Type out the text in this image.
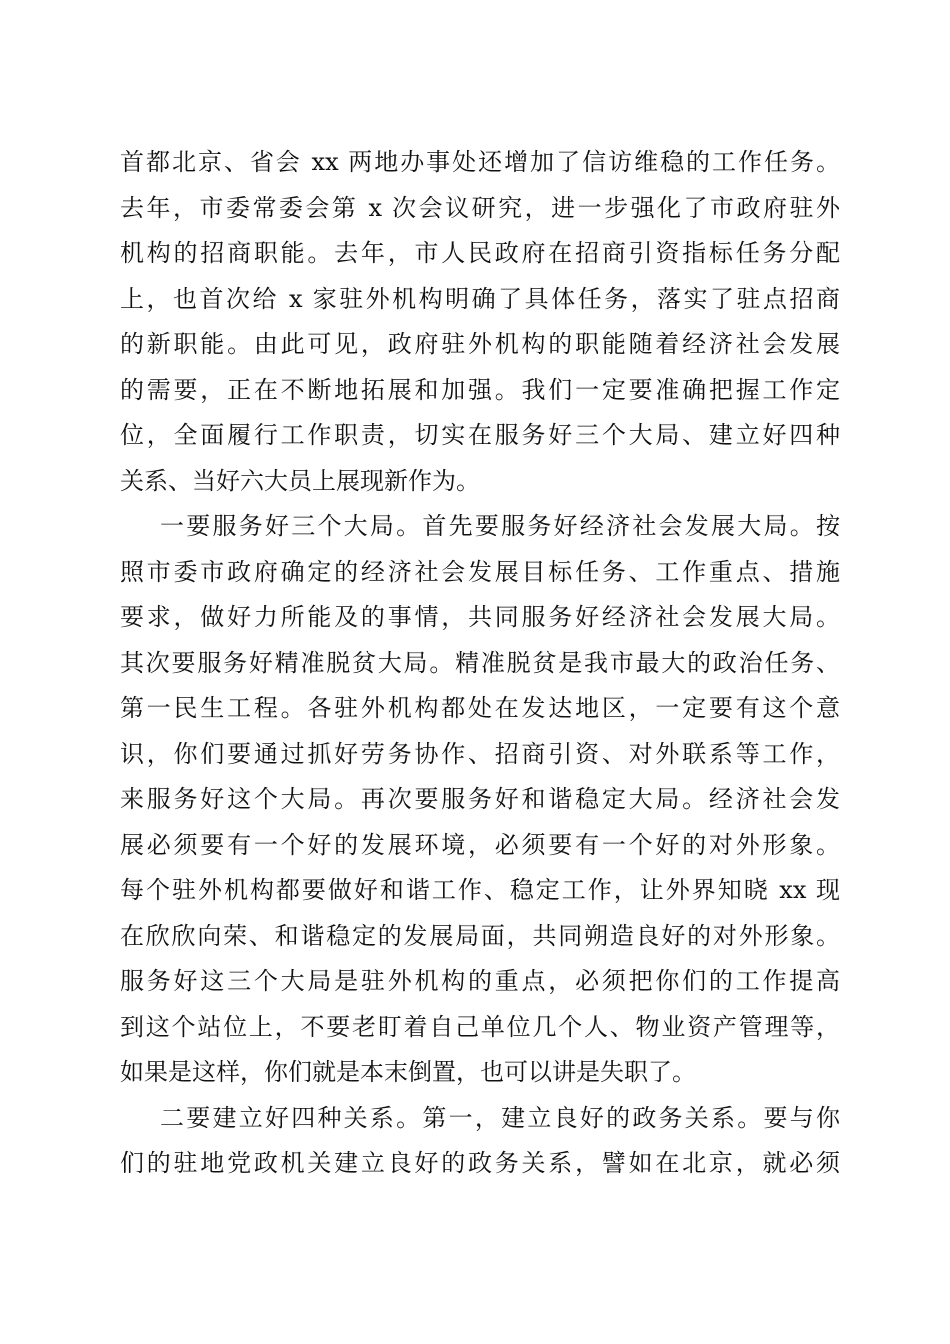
首都北京、省会 xx 两地办事处还增加了信访维稳的工作任务。
去年，市委常委会第 x 次会议研究，进一步强化了市政府驻外
机构的招商职能。去年，市人民政府在招商引资指标任务分配
上，也首次给 x 家驻外机构明确了具体任务，落实了驻点招商
的新职能。由此可见，政府驻外机构的职能随着经济社会发展
的需要，正在不断地拓展和加强。我们一定要准确把握工作定
位，全面履行工作职责，切实在服务好三个大局、建立好四种
关系、当好六大员上展现新作为。
一要服务好三个大局。首先要服务好经济社会发展大局。按
照市委市政府确定的经济社会发展目标任务、工作重点、措施
要求，做好力所能及的事情，共同服务好经济社会发展大局。
其次要服务好精准脱贫大局。精准脱贫是我市最大的政治任务、
第一民生工程。各驻外机构都处在发达地区，一定要有这个意
识，你们要通过抓好劳务协作、招商引资、对外联系等工作，
来服务好这个大局。再次要服务好和谐稳定大局。经济社会发
展必须要有一个好的发展环境，必须要有一个好的对外形象。
每个驻外机构都要做好和谐工作、稳定工作，让外界知晓 xx 现
在欣欣向荣、和谐稳定的发展局面，共同朔造良好的对外形象。
服务好这三个大局是驻外机构的重点，必须把你们的工作提高
到这个站位上，不要老盯着自己单位几个人、物业资产管理等，
如果是这样，你们就是本末倒置，也可以讲是失职了。
二要建立好四种关系。第一，建立良好的政务关系。要与你
们的驻地党政机关建立良好的政务关系，譬如在北京，就必须
